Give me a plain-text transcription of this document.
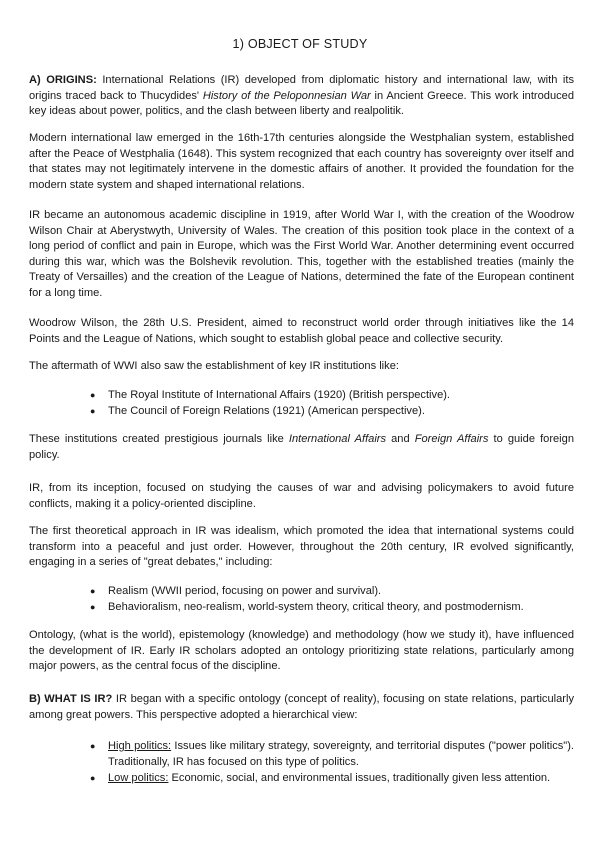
1) OBJECT OF STUDY

A) ORIGINS: International Relations (IR) developed from diplomatic history and international law, with its origins traced back to Thucydides' History of the Peloponnesian War in Ancient Greece. This work introduced key ideas about power, politics, and the clash between liberty and realpolitik.

Modern international law emerged in the 16th-17th centuries alongside the Westphalian system, established after the Peace of Westphalia (1648). This system recognized that each country has sovereignty over itself and that states may not legitimately intervene in the domestic affairs of another. It provided the foundation for the modern state system and shaped international relations.

IR became an autonomous academic discipline in 1919, after World War I, with the creation of the Woodrow Wilson Chair at Aberystwyth, University of Wales. The creation of this position took place in the context of a long period of conflict and pain in Europe, which was the First World War. Another determining event occurred during this war, which was the Bolshevik revolution. This, together with the established treaties (mainly the Treaty of Versailles) and the creation of the League of Nations, determined the fate of the European continent for a long time.

Woodrow Wilson, the 28th U.S. President, aimed to reconstruct world order through initiatives like the 14 Points and the League of Nations, which sought to establish global peace and collective security.

The aftermath of WWI also saw the establishment of key IR institutions like:

● The Royal Institute of International Affairs (1920) (British perspective).

● The Council of Foreign Relations (1921) (American perspective).

These institutions created prestigious journals like International Affairs and Foreign Affairs to guide foreign policy.

IR, from its inception, focused on studying the causes of war and advising policymakers to avoid future conflicts, making it a policy-oriented discipline.

The first theoretical approach in IR was idealism, which promoted the idea that international systems could transform into a peaceful and just order. However, throughout the 20th century, IR evolved significantly, engaging in a series of "great debates," including:

● Realism (WWII period, focusing on power and survival).

● Behavioralism, neo-realism, world-system theory, critical theory, and postmodernism.

Ontology, (what is the world), epistemology (knowledge) and methodology (how we study it), have influenced the development of IR. Early IR scholars adopted an ontology prioritizing state relations, particularly among major powers, as the central focus of the discipline.

B) WHAT IS IR? IR began with a specific ontology (concept of reality), focusing on state relations, particularly among great powers. This perspective adopted a hierarchical view:

● High politics: Issues like military strategy, sovereignty, and territorial disputes ("power politics"). Traditionally, IR has focused on this type of politics.

● Low politics: Economic, social, and environmental issues, traditionally given less attention.
